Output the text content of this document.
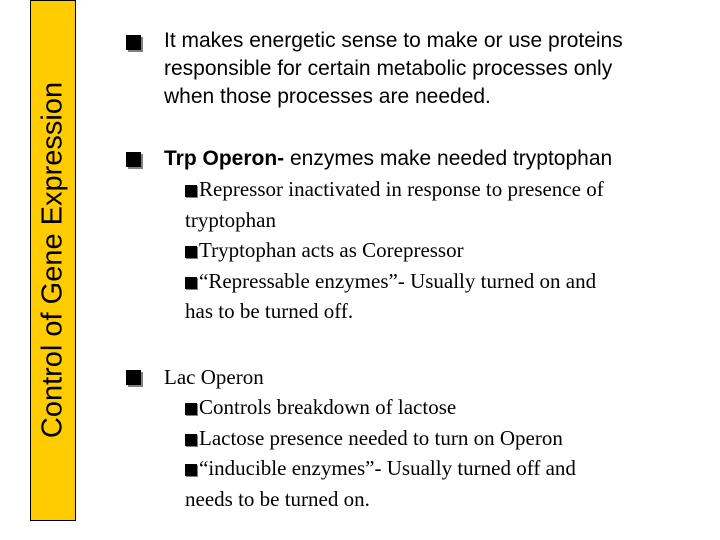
Control of Gene Expression
It makes energetic sense to make or use proteins
responsible for certain metabolic processes only
when those processes are needed.
Trp Operon- enzymes make needed tryptophan
Repressor inactivated in response to presence of
tryptophan
Tryptophan acts as Corepressor
“Repressable enzymes”- Usually turned on and
has to be turned off.
Lac Operon
Controls breakdown of lactose
Lactose presence needed to turn on Operon
“inducible enzymes”- Usually turned off and
needs to be turned on.
